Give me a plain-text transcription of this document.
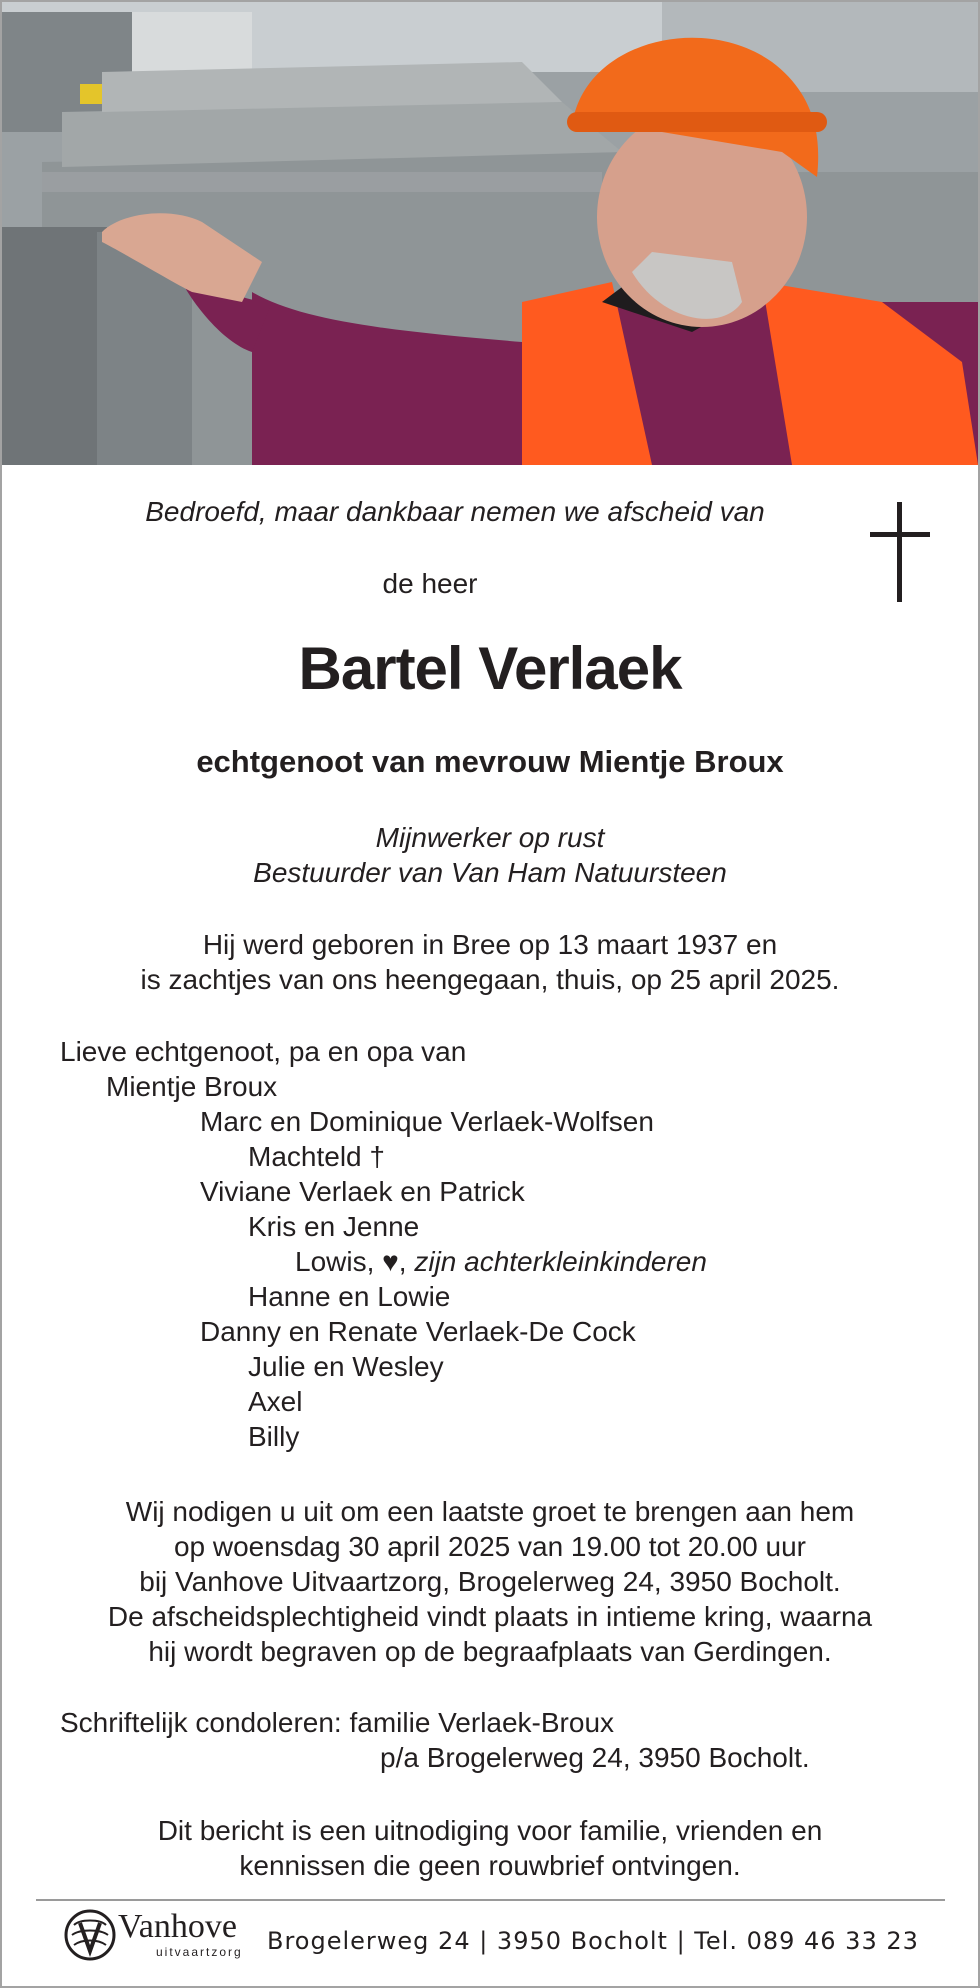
Bedroefd, maar dankbaar nemen we afscheid van
de heer
Bartel Verlaek
echtgenoot van mevrouw Mientje Broux
Mijnwerker op rust
Bestuurder van Van Ham Natuursteen
Hij werd geboren in Bree op 13 maart 1937 en
is zachtjes van ons heengegaan, thuis, op 25 april 2025.
Lieve echtgenoot, pa en opa van
Mientje Broux
Marc en Dominique Verlaek-Wolfsen
Machteld †
Viviane Verlaek en Patrick
Kris en Jenne
Lowis, ♥, zijn achterkleinkinderen
Hanne en Lowie
Danny en Renate Verlaek-De Cock
Julie en Wesley
Axel
Billy
Wij nodigen u uit om een laatste groet te brengen aan hem
op woensdag 30 april 2025 van 19.00 tot 20.00 uur
bij Vanhove Uitvaartzorg, Brogelerweg 24, 3950 Bocholt.
De afscheidsplechtigheid vindt plaats in intieme kring, waarna
hij wordt begraven op de begraafplaats van Gerdingen.
Schriftelijk condoleren: familie Verlaek-Broux
p/a Brogelerweg 24, 3950 Bocholt.
Dit bericht is een uitnodiging voor familie, vrienden en
kennissen die geen rouwbrief ontvingen.
Vanhove
uitvaartzorg Brogelerweg 24 | 3950 Bocholt | Tel. 089 46 33 23
